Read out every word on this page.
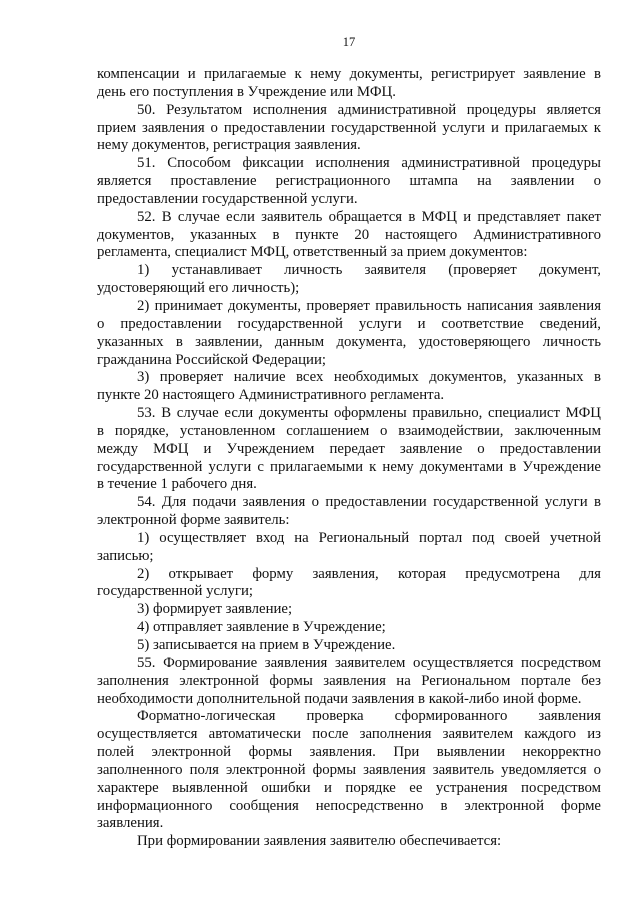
17
компенсации и прилагаемые к нему документы, регистрирует заявление в
день его поступления в Учреждение или МФЦ.
50. Результатом исполнения административной процедуры является
прием заявления о предоставлении государственной услуги и прилагаемых к
нему документов, регистрация заявления.
51. Способом фиксации исполнения административной процедуры
является проставление регистрационного штампа на заявлении о
предоставлении государственной услуги.
52. В случае если заявитель обращается в МФЦ и представляет пакет
документов, указанных в пункте 20 настоящего Административного
регламента, специалист МФЦ, ответственный за прием документов:
1) устанавливает личность заявителя (проверяет документ,
удостоверяющий его личность);
2) принимает документы, проверяет правильность написания заявления
о предоставлении государственной услуги и соответствие сведений,
указанных в заявлении, данным документа, удостоверяющего личность
гражданина Российской Федерации;
3) проверяет наличие всех необходимых документов, указанных в
пункте 20 настоящего Административного регламента.
53. В случае если документы оформлены правильно, специалист МФЦ
в порядке, установленном соглашением о взаимодействии, заключенным
между МФЦ и Учреждением передает заявление о предоставлении
государственной услуги с прилагаемыми к нему документами в Учреждение
в течение 1 рабочего дня.
54. Для подачи заявления о предоставлении государственной услуги в
электронной форме заявитель:
1) осуществляет вход на Региональный портал под своей учетной
записью;
2) открывает форму заявления, которая предусмотрена для
государственной услуги;
3) формирует заявление;
4) отправляет заявление в Учреждение;
5) записывается на прием в Учреждение.
55. Формирование заявления заявителем осуществляется посредством
заполнения электронной формы заявления на Региональном портале без
необходимости дополнительной подачи заявления в какой-либо иной форме.
Форматно-логическая проверка сформированного заявления
осуществляется автоматически после заполнения заявителем каждого из
полей электронной формы заявления. При выявлении некорректно
заполненного поля электронной формы заявления заявитель уведомляется о
характере выявленной ошибки и порядке ее устранения посредством
информационного сообщения непосредственно в электронной форме
заявления.
При формировании заявления заявителю обеспечивается:
